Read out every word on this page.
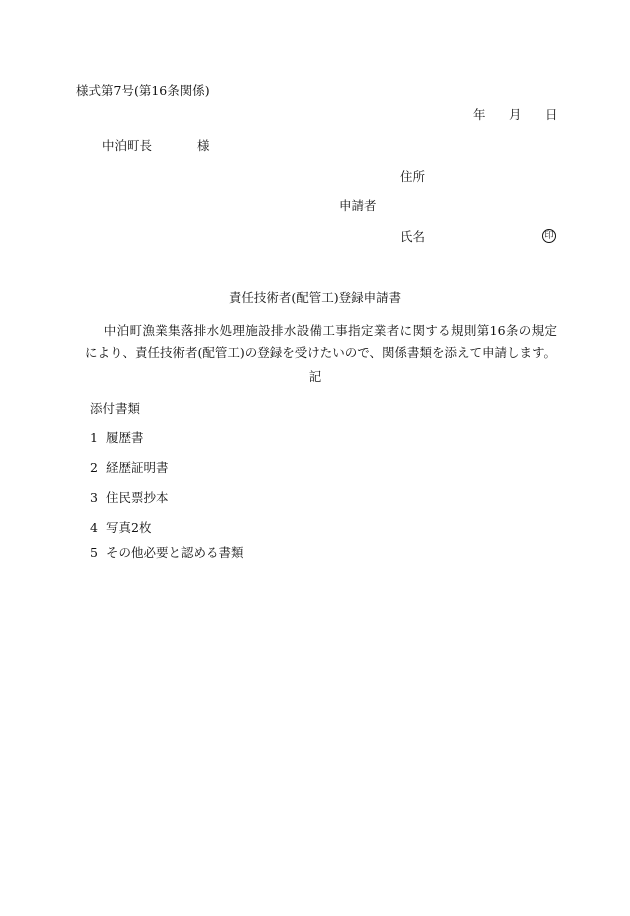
様式第7号(第16条関係)
年 月 日
中泊町長	様
住所
申請者
氏名	印
責任技術者(配管工)登録申請書
中泊町漁業集落排水処理施設排水設備工事指定業者に関する規則第16条の規定により、責任技術者(配管工)の登録を受けたいので、関係書類を添えて申請します。
記
添付書類
1 履歴書
2 経歴証明書
3 住民票抄本
4 写真2枚
5 その他必要と認める書類
